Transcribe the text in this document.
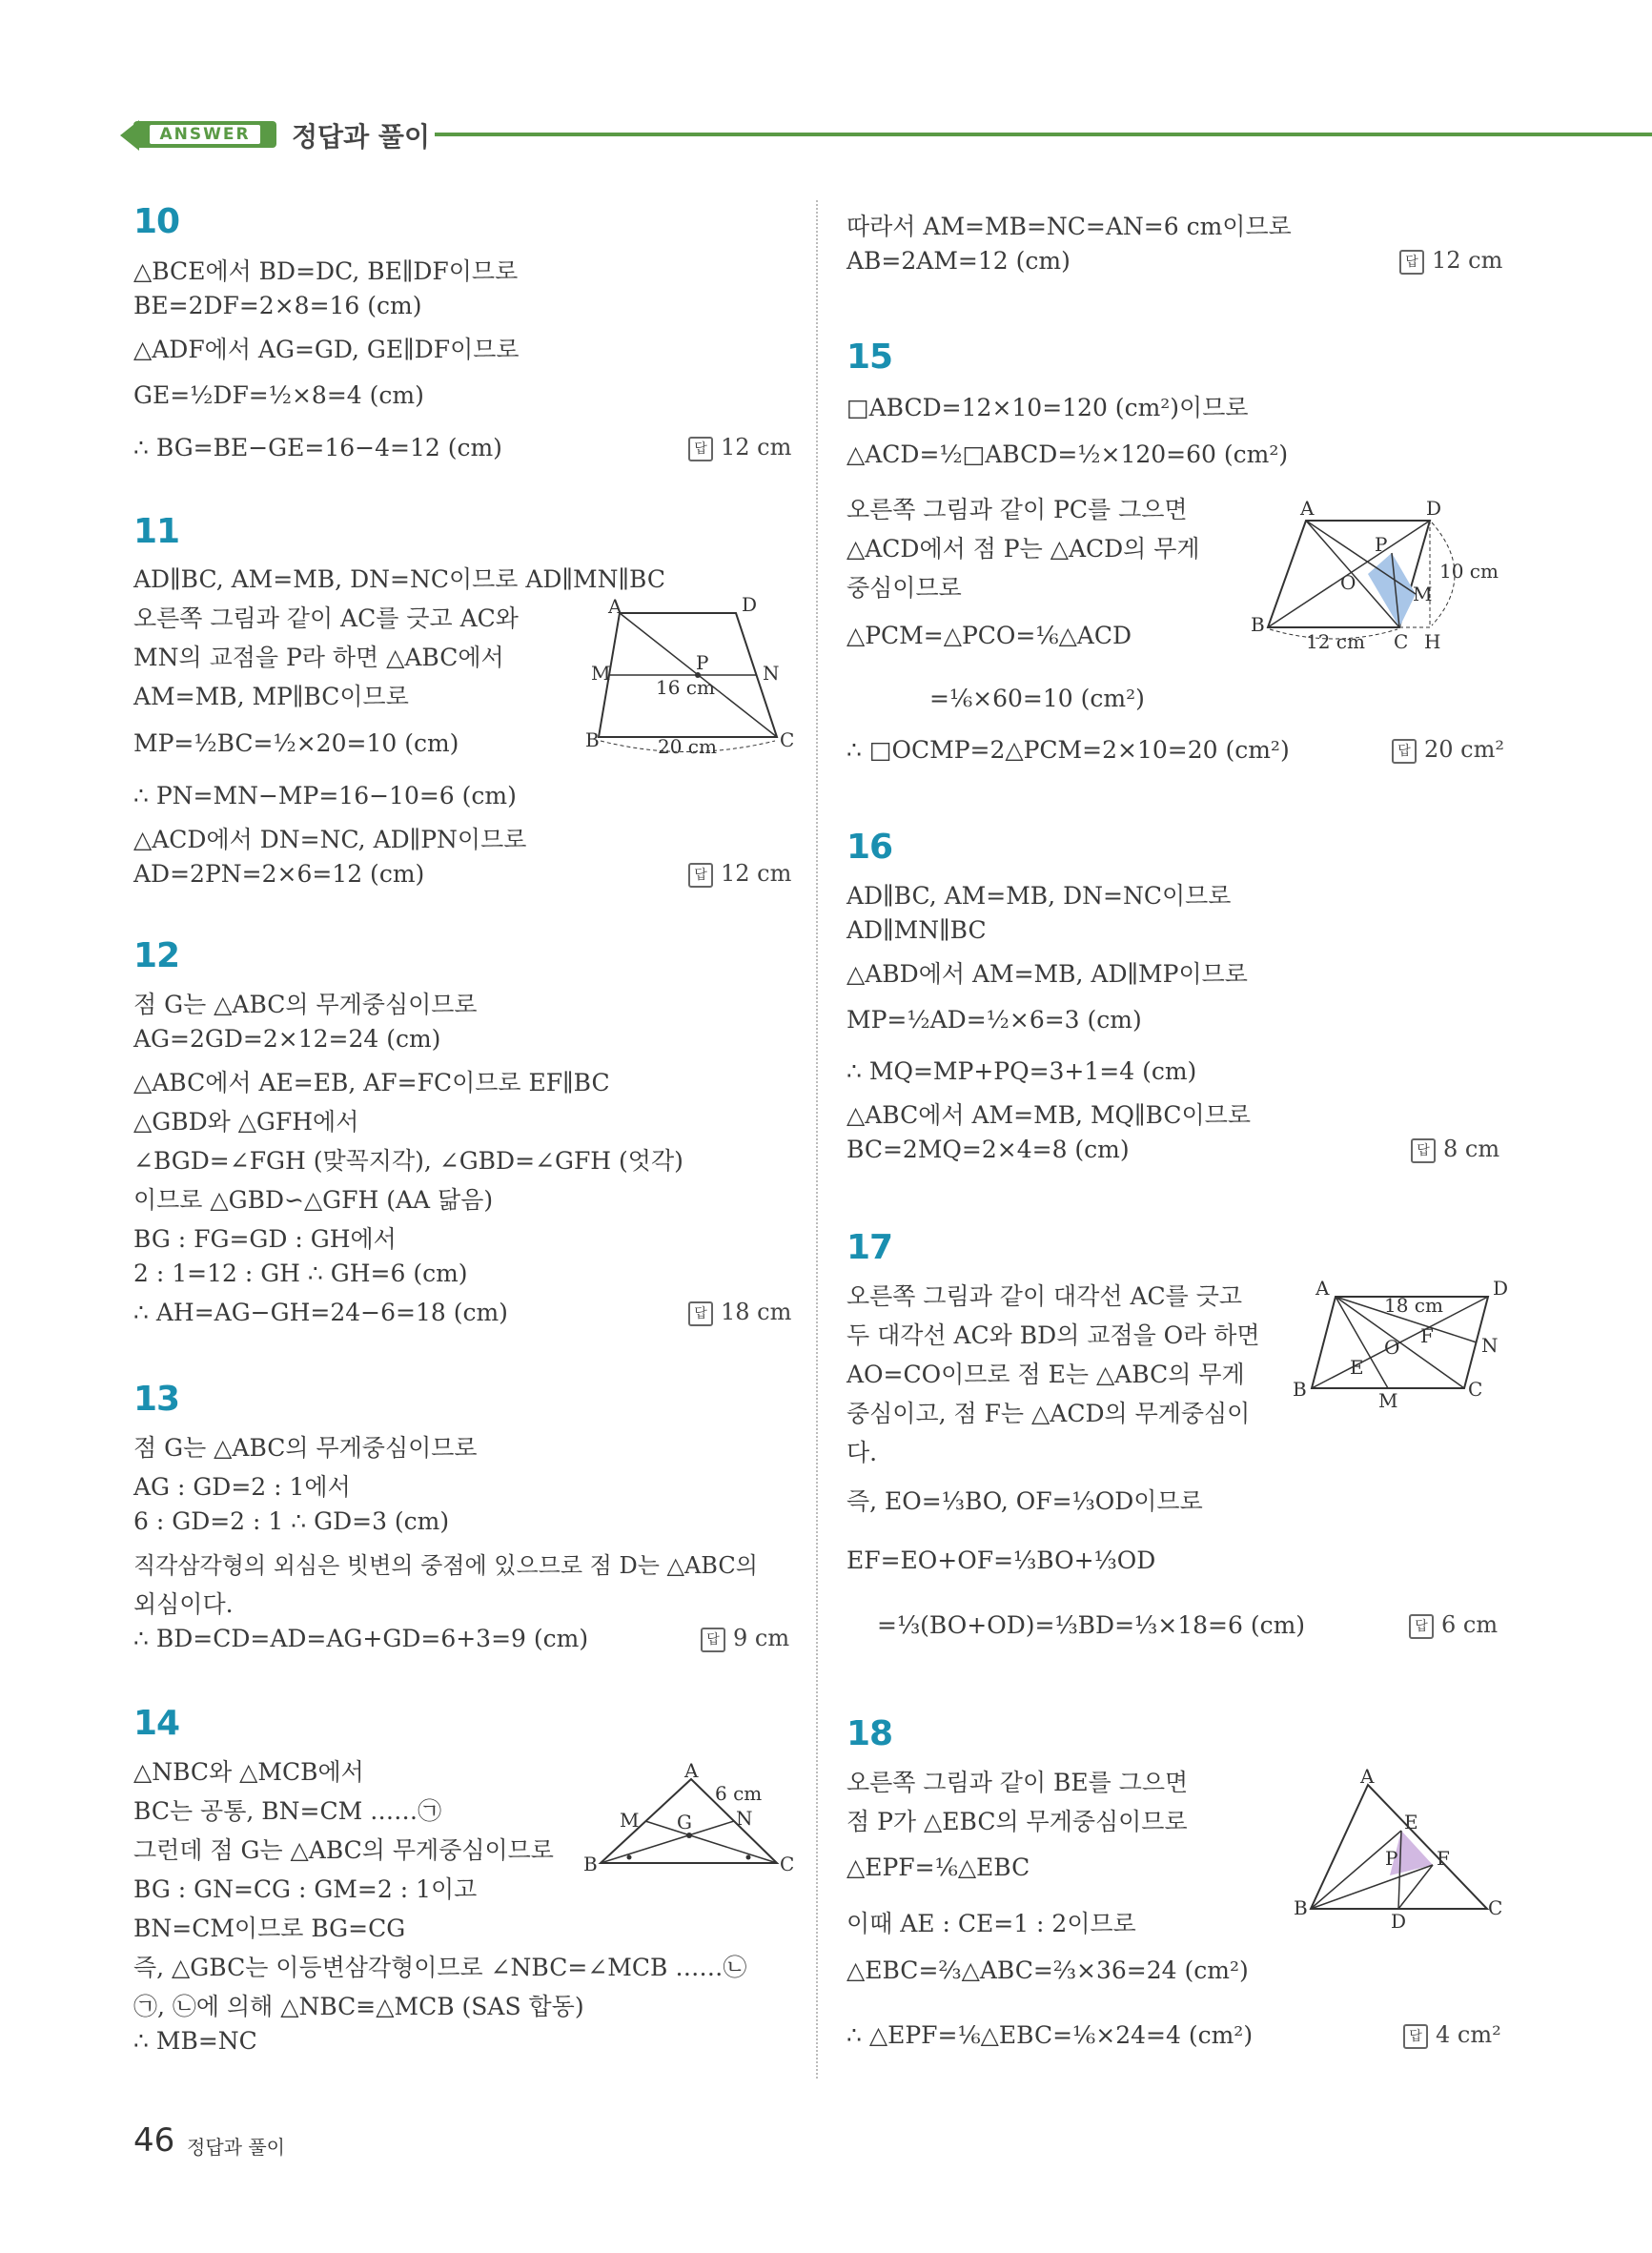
ANSWER	정답과 풀이
10
△BCE에서 BD=DC, BE∥DF이므로
BE=2DF=2×8=16 (cm)
△ADF에서 AG=GD, GE∥DF이므로
GE=½DF=½×8=4 (cm)
∴ BG=BE−GE=16−4=12 (cm)	답 12 cm
11
AD∥BC, AM=MB, DN=NC이므로 AD∥MN∥BC
오른쪽 그림과 같이 AC를 긋고 AC와
MN의 교점을 P라 하면 △ABC에서
AM=MB, MP∥BC이므로
MP=½BC=½×20=10 (cm)
∴ PN=MN−MP=16−10=6 (cm)
△ACD에서 DN=NC, AD∥PN이므로
AD=2PN=2×6=12 (cm)	답 12 cm
A	D
M	P	N
B	C
16 cm
20 cm
12
점 G는 △ABC의 무게중심이므로
AG=2GD=2×12=24 (cm)
△ABC에서 AE=EB, AF=FC이므로 EF∥BC
△GBD와 △GFH에서
∠BGD=∠FGH (맞꼭지각), ∠GBD=∠GFH (엇각)
이므로 △GBD∽△GFH (AA 닮음)
BG : FG=GD : GH에서
2 : 1=12 : GH ∴ GH=6 (cm)
∴ AH=AG−GH=24−6=18 (cm)	답 18 cm
13
점 G는 △ABC의 무게중심이므로
AG : GD=2 : 1에서
6 : GD=2 : 1 ∴ GD=3 (cm)
직각삼각형의 외심은 빗변의 중점에 있으므로 점 D는 △ABC의
외심이다.
∴ BD=CD=AD=AG+GD=6+3=9 (cm)	답 9 cm
14
△NBC와 △MCB에서
BC는 공통, BN=CM ……㉠
그런데 점 G는 △ABC의 무게중심이므로
BG : GN=CG : GM=2 : 1이고
BN=CM이므로 BG=CG
즉, △GBC는 이등변삼각형이므로 ∠NBC=∠MCB ……㉡
㉠, ㉡에 의해 △NBC≡△MCB (SAS 합동)
∴ MB=NC
A
M G N
B	C
6 cm
따라서 AM=MB=NC=AN=6 cm이므로
AB=2AM=12 (cm)	답 12 cm
15
□ABCD=12×10=120 (cm²)이므로
△ACD=½□ABCD=½×120=60 (cm²)
오른쪽 그림과 같이 PC를 그으면
△ACD에서 점 P는 △ACD의 무게
중심이므로
△PCM=△PCO=⅙△ACD
=⅙×60=10 (cm²)
∴ □OCMP=2△PCM=2×10=20 (cm²)	답 20 cm²
A	D
P
O	M
B
C H
10 cm
12 cm
16
AD∥BC, AM=MB, DN=NC이므로
AD∥MN∥BC
△ABD에서 AM=MB, AD∥MP이므로
MP=½AD=½×6=3 (cm)
∴ MQ=MP+PQ=3+1=4 (cm)
△ABC에서 AM=MB, MQ∥BC이므로
BC=2MQ=2×4=8 (cm)	답 8 cm
17
오른쪽 그림과 같이 대각선 AC를 긋고
두 대각선 AC와 BD의 교점을 O라 하면
AO=CO이므로 점 E는 △ABC의 무게
중심이고, 점 F는 △ACD의 무게중심이
다.
즉, EO=⅓BO, OF=⅓OD이므로
EF=EO+OF=⅓BO+⅓OD
=⅓(BO+OD)=⅓BD=⅓×18=6 (cm)	답 6 cm
A	D
O F	N
E
B	M	C
18 cm
18
오른쪽 그림과 같이 BE를 그으면
점 P가 △EBC의 무게중심이므로
△EPF=⅙△EBC
이때 AE : CE=1 : 2이므로
△EBC=⅔△ABC=⅔×36=24 (cm²)
∴ △EPF=⅙△EBC=⅙×24=4 (cm²)	답 4 cm²
A
E
F
P
B
D
C
46 정답과 풀이
